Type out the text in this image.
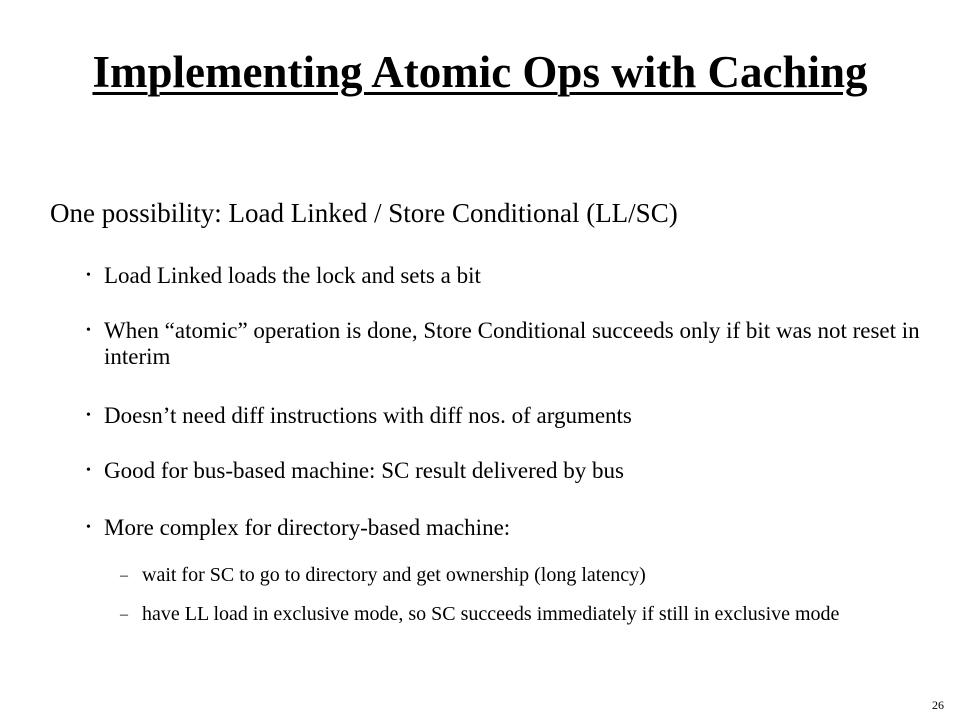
Implementing Atomic Ops with Caching
One possibility: Load Linked / Store Conditional (LL/SC)
• Load Linked loads the lock and sets a bit
• When “atomic” operation is done, Store Conditional succeeds only if bit was not reset in interim
• Doesn’t need diff instructions with diff nos. of arguments
• Good for bus-based machine: SC result delivered by bus
• More complex for directory-based machine:
– wait for SC to go to directory and get ownership (long latency)
– have LL load in exclusive mode, so SC succeeds immediately if still in exclusive mode
26
